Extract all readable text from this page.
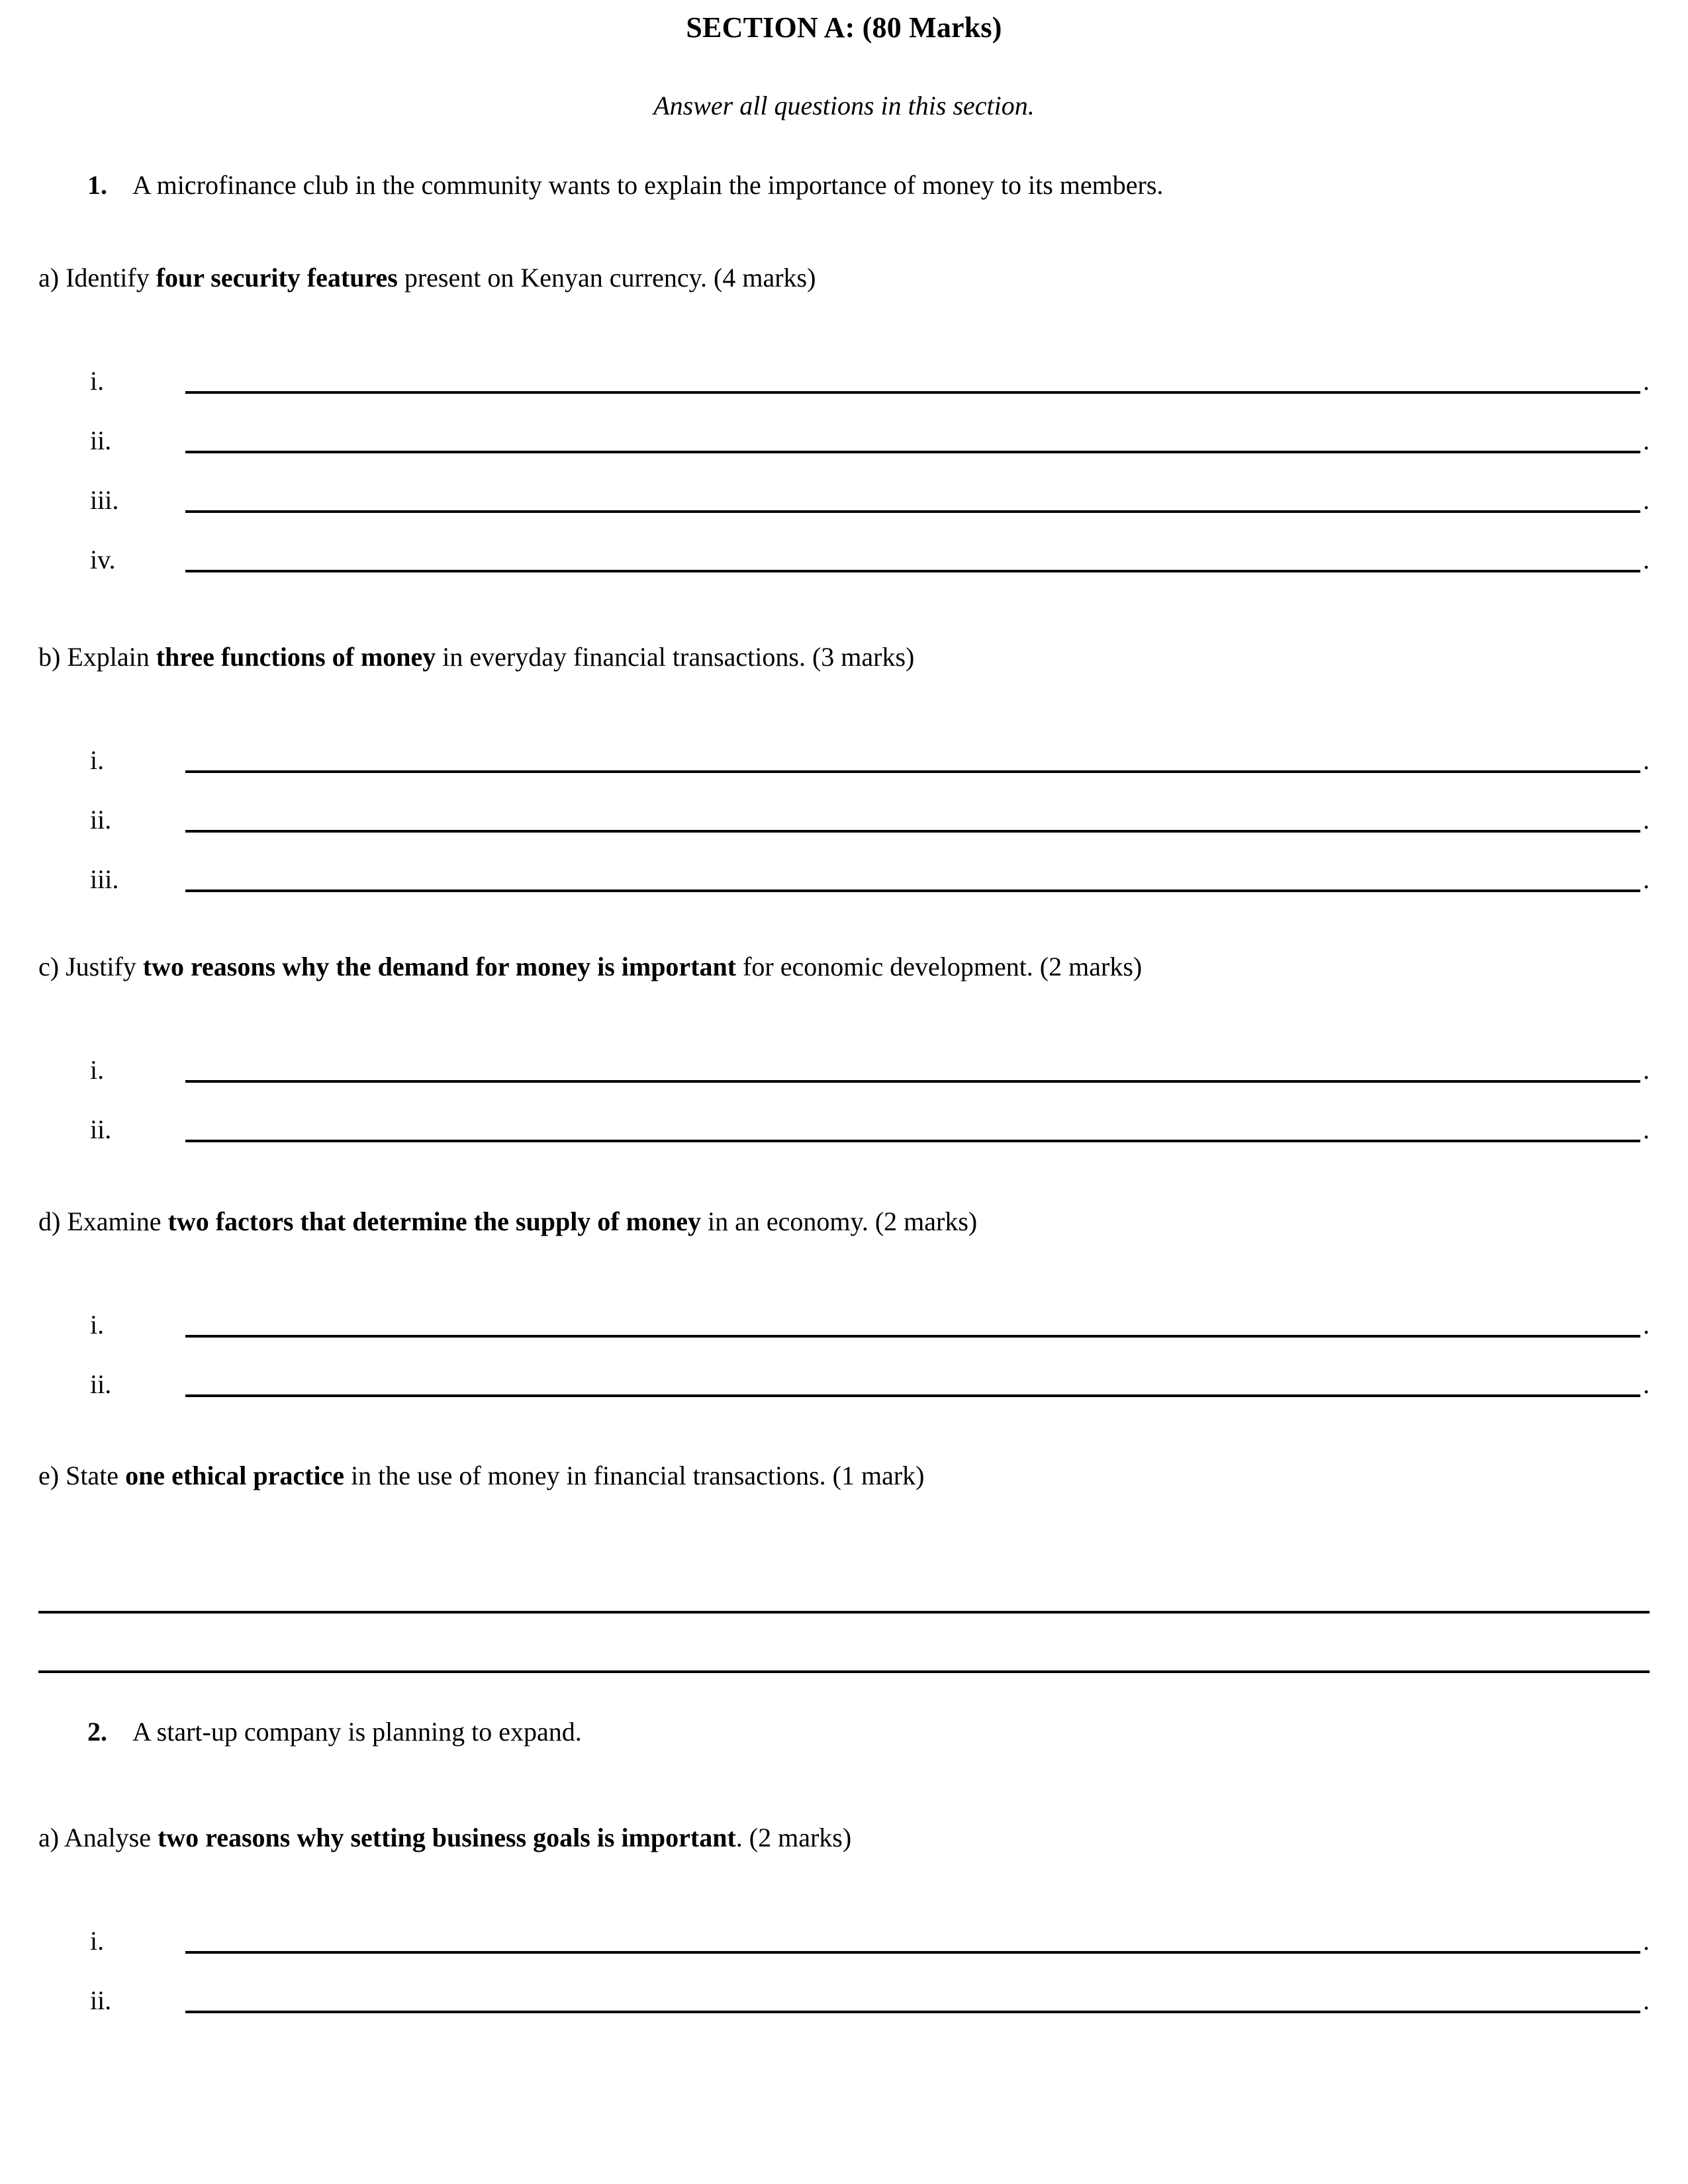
SECTION A: (80 Marks)
Answer all questions in this section.
1. A microfinance club in the community wants to explain the importance of money to its members.
a) Identify four security features present on Kenyan currency. (4 marks)
i.	.
ii.	.
iii.	.
iv.	.
b) Explain three functions of money in everyday financial transactions. (3 marks)
i.	.
ii.	.
iii.	.
c) Justify two reasons why the demand for money is important for economic development. (2 marks)
i.	.
ii.	.
d) Examine two factors that determine the supply of money in an economy. (2 marks)
i.	.
ii.	.
e) State one ethical practice in the use of money in financial transactions. (1 mark)
2. A start-up company is planning to expand.
a) Analyse two reasons why setting business goals is important. (2 marks)
i.	.
ii.	.
